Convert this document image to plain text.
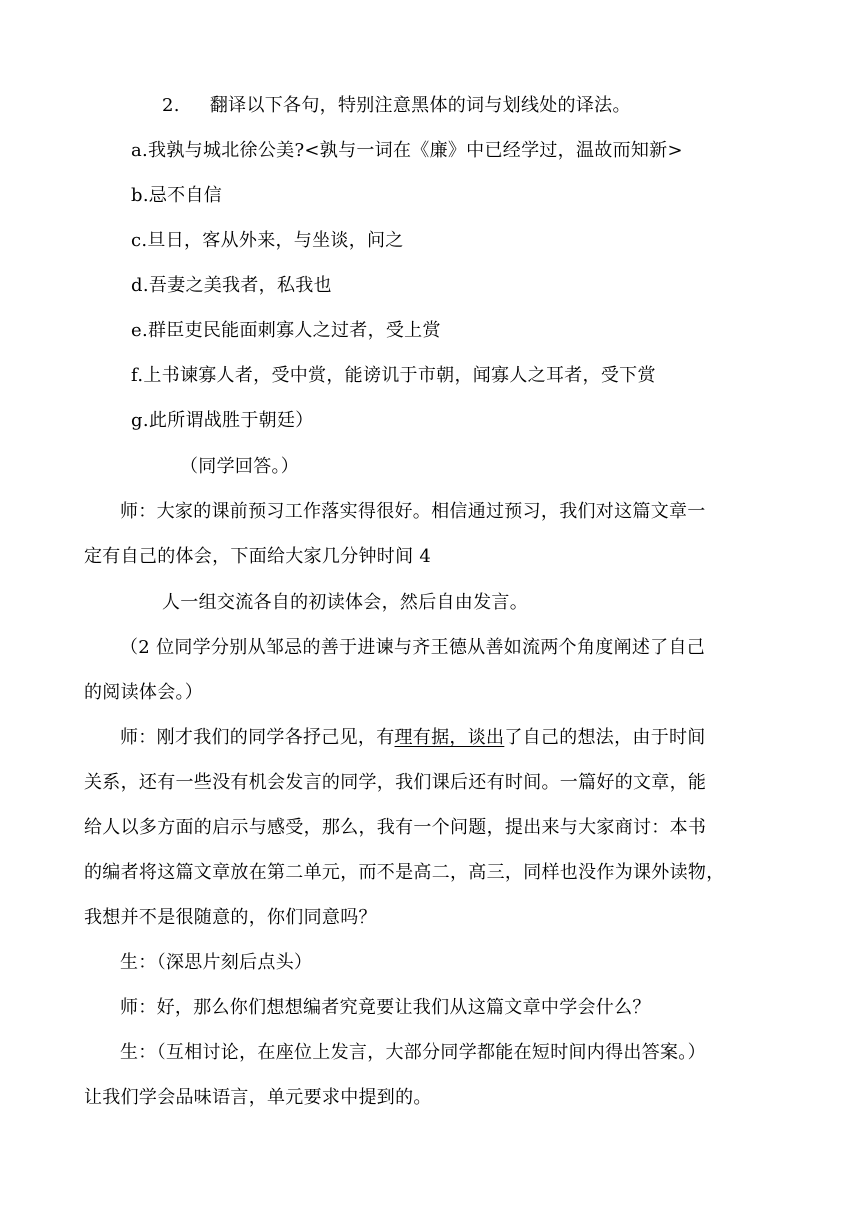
2. 翻译以下各句，特别注意黑体的词与划线处的译法。
a.我孰与城北徐公美?<孰与一词在《廉》中已经学过，温故而知新>
b.忌不自信
c.旦日，客从外来，与坐谈，问之
d.吾妻之美我者，私我也
e.群臣吏民能面刺寡人之过者，受上赏
f.上书谏寡人者，受中赏，能谤讥于市朝，闻寡人之耳者，受下赏
g.此所谓战胜于朝廷）
（同学回答。）
师：大家的课前预习工作落实得很好。相信通过预习，我们对这篇文章一
定有自己的体会，下面给大家几分钟时间 4
人一组交流各自的初读体会，然后自由发言。
（2 位同学分别从邹忌的善于进谏与齐王德从善如流两个角度阐述了自己
的阅读体会。）
师：刚才我们的同学各抒己见，有理有据，谈出了自己的想法，由于时间
关系，还有一些没有机会发言的同学，我们课后还有时间。一篇好的文章，能
给人以多方面的启示与感受，那么，我有一个问题，提出来与大家商讨：本书
的编者将这篇文章放在第二单元，而不是高二，高三，同样也没作为课外读物，
我想并不是很随意的，你们同意吗？
生：（深思片刻后点头）
师：好，那么你们想想编者究竟要让我们从这篇文章中学会什么？
生：（互相讨论，在座位上发言，大部分同学都能在短时间内得出答案。）
让我们学会品味语言，单元要求中提到的。
